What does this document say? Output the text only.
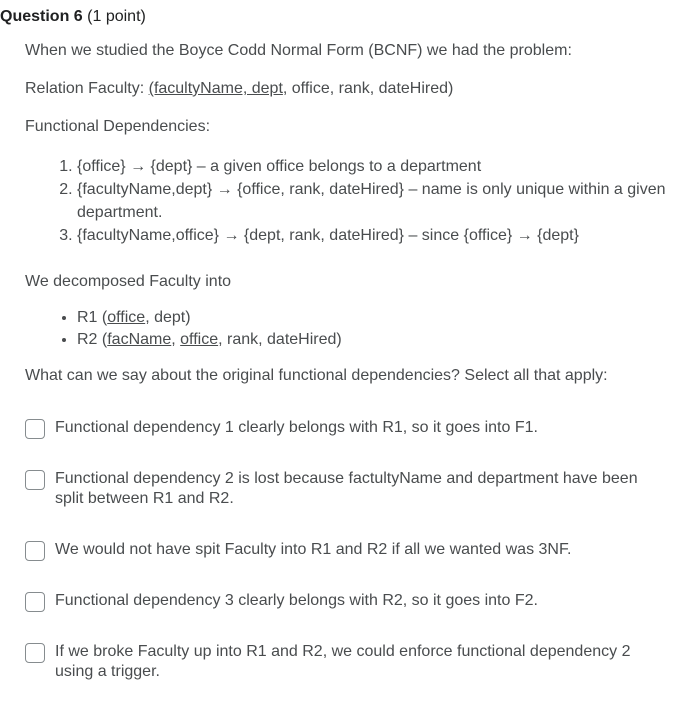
Question 6 (1 point)

When we studied the Boyce Codd Normal Form (BCNF) we had the problem:

Relation Faculty: (facultyName, dept, office, rank, dateHired)

Functional Dependencies:

1. {office} → {dept} – a given office belongs to a department
2. {facultyName,dept} → {office, rank, dateHired} – name is only unique within a given department.
3. {facultyName,office} → {dept, rank, dateHired} – since {office} → {dept}

We decomposed Faculty into

• R1 (office, dept)
• R2 (facName, office, rank, dateHired)

What can we say about the original functional dependencies? Select all that apply:

Functional dependency 1 clearly belongs with R1, so it goes into F1.
Functional dependency 2 is lost because factultyName and department have been split between R1 and R2.
We would not have spit Faculty into R1 and R2 if all we wanted was 3NF.
Functional dependency 3 clearly belongs with R2, so it goes into F2.
If we broke Faculty up into R1 and R2, we could enforce functional dependency 2 using a trigger.
